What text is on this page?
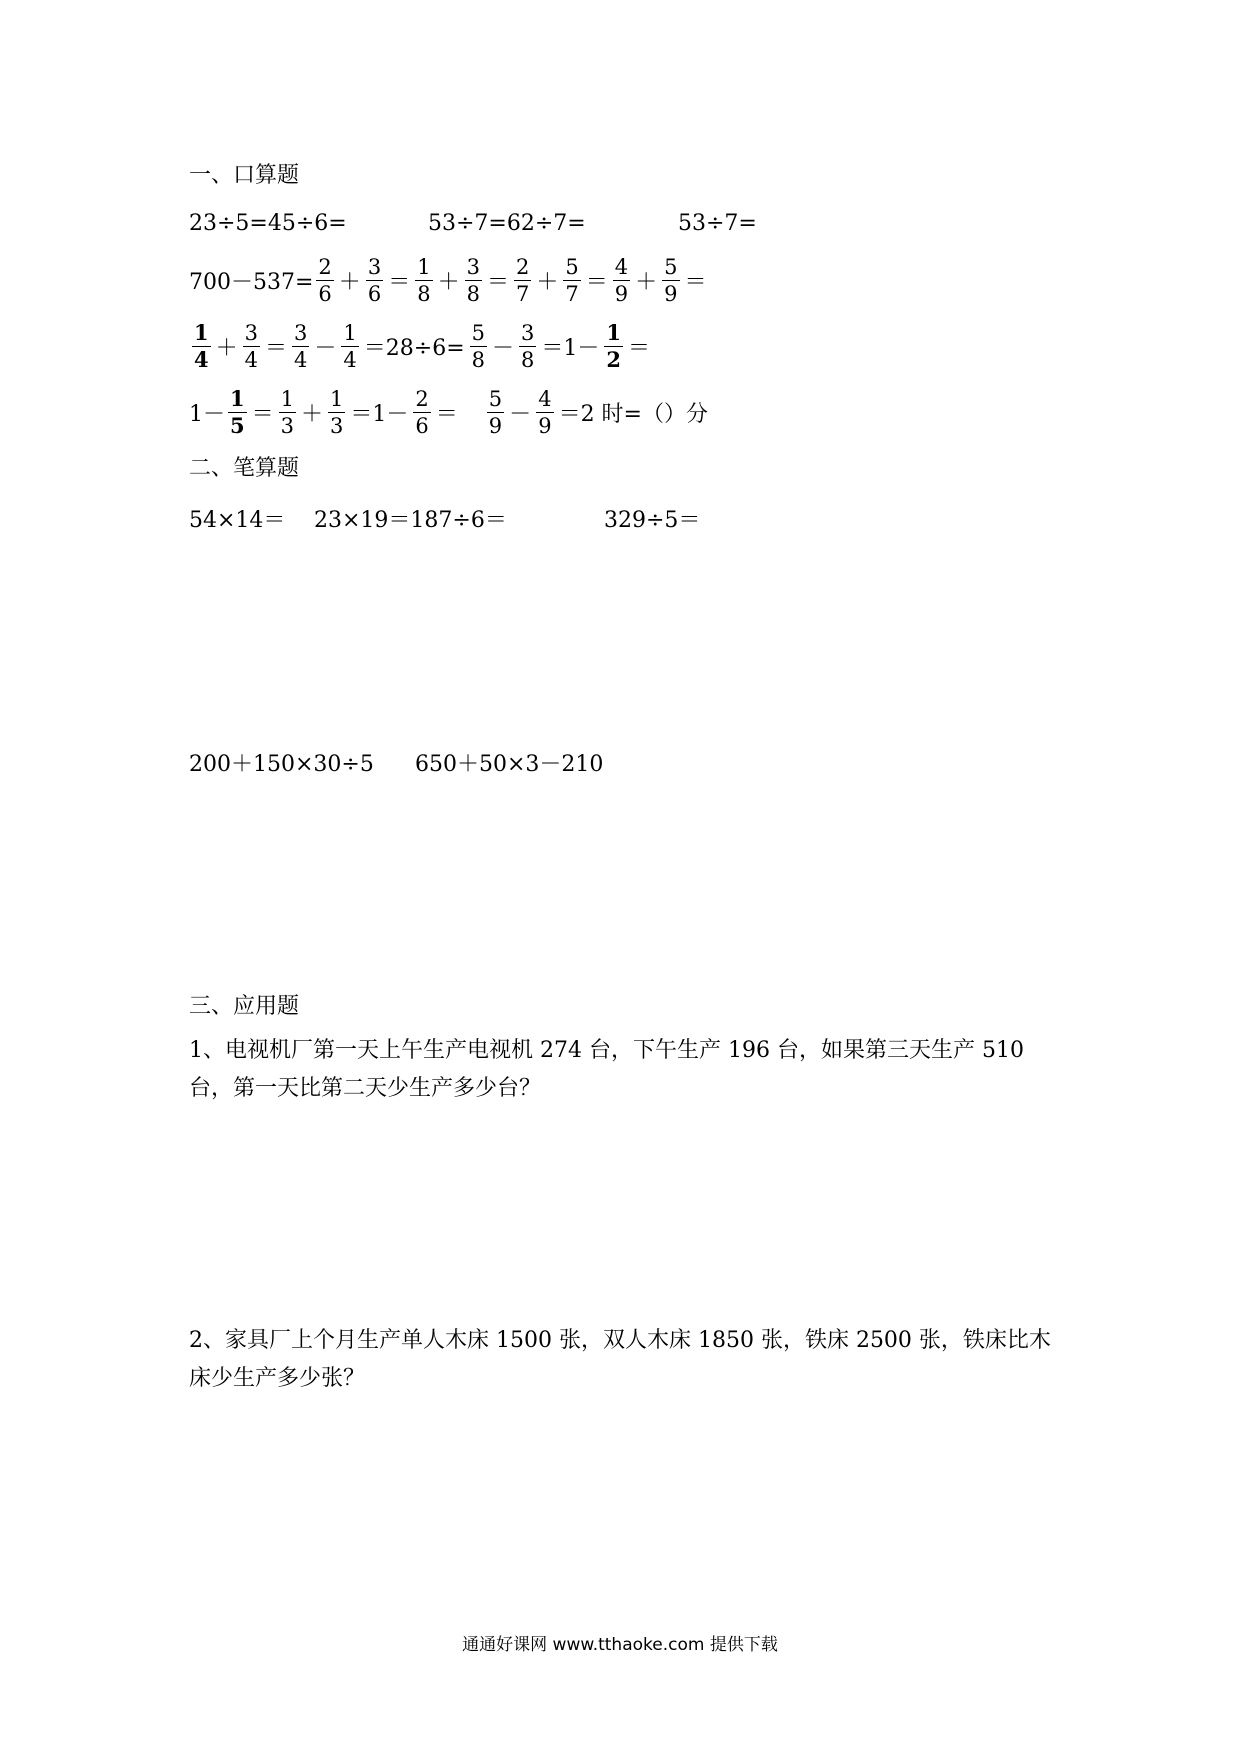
一、口算题
23÷5=45÷6=	53÷7=62÷7=	53÷7=
$700-537= \frac{2}{6} + \frac{3}{6} = \frac{1}{8} + \frac{3}{8} = \frac{2}{7} + \frac{5}{7} = \frac{4}{9} + \frac{5}{9}$ ＝
$\frac{1}{4} + \frac{3}{4} = \frac{3}{4} - \frac{1}{4} =28\div 6= \frac{5}{8} - \frac{3}{8} =1- \frac{1}{2}$ ＝
$1- \frac{1}{5} = \frac{1}{3} + \frac{1}{3} =1- \frac{2}{6} = \frac{5}{9} - \frac{4}{9} =2$ 时=（）分
二、笔算题
54×14＝ 23×19＝187÷6＝	329÷5＝
200＋150×30÷5 650＋50×3－210
三、应用题
1、电视机厂第一天上午生产电视机 274 台，下午生产 196 台，如果第三天生产 510 台，第一天比第二天少生产多少台？
2、家具厂上个月生产单人木床 1500 张，双人木床 1850 张，铁床 2500 张，铁床比木床少生产多少张？
通通好课网 www.tthaoke.com 提供下载
